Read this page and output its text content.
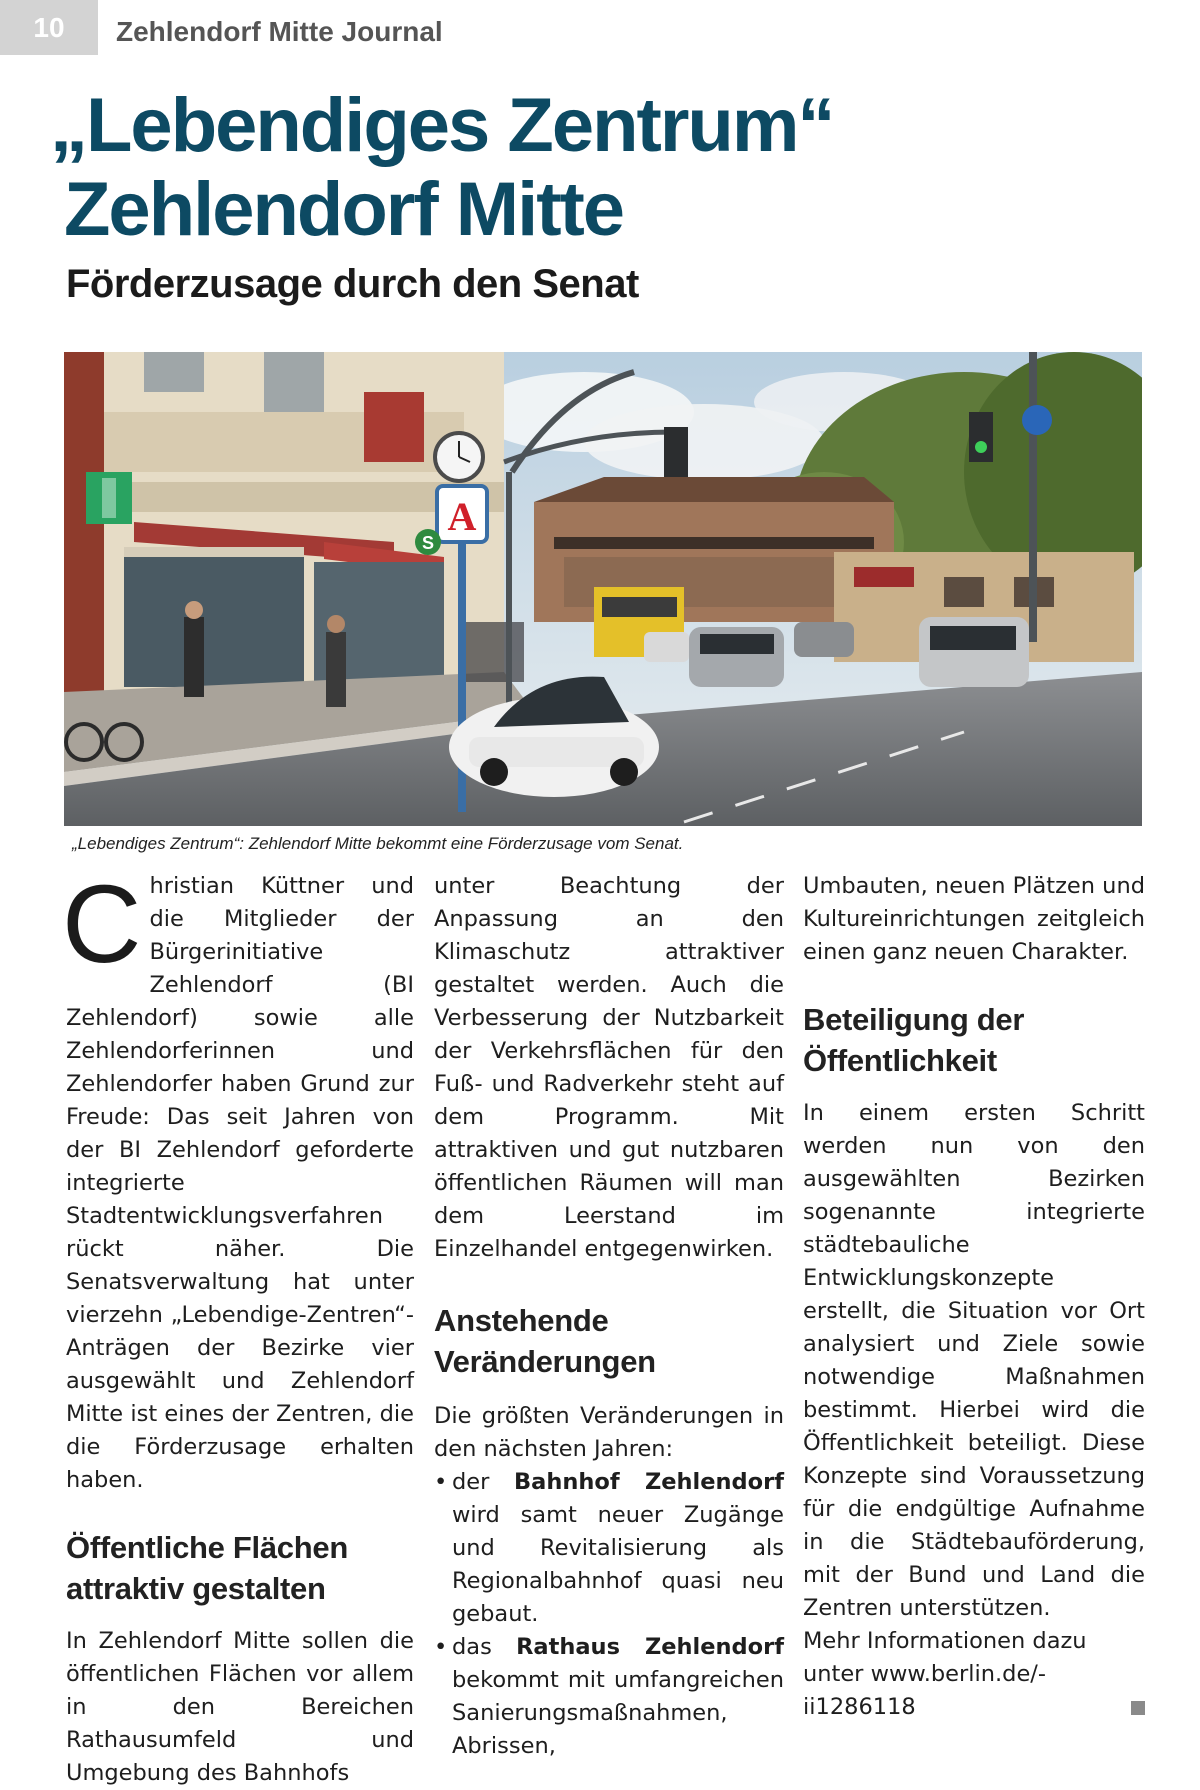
10	Zehlendorf Mitte Journal
„Lebendiges Zentrum“
Zehlendorf Mitte
Förderzusage durch den Senat
A
S
„Lebendiges Zentrum“: Zehlendorf Mitte bekommt eine Förderzusage vom Senat.

Christian Küttner und die Mitglieder der Bürgerinitiative Zehlendorf (BI Zehlendorf) sowie alle Zehlendorferinnen und Zehlendorfer haben Grund zur Freude: Das seit Jahren von der BI Zehlendorf geforderte integrierte Stadtentwicklungsverfahren rückt näher. Die Senatsverwaltung hat unter vierzehn „Lebendige-Zentren“-Anträgen der Bezirke vier ausgewählt und Zehlendorf Mitte ist eines der Zentren, die die Förderzusage erhalten haben.

Öffentliche Flächen attraktiv gestalten

In Zehlendorf Mitte sollen die öffentlichen Flächen vor allem in den Bereichen Rathausumfeld und Umgebung des Bahnhofs

unter Beachtung der Anpassung an den Klimaschutz attraktiver gestaltet werden. Auch die Verbesserung der Nutzbarkeit der Verkehrsflächen für den Fuß- und Radverkehr steht auf dem Programm. Mit attraktiven und gut nutzbaren öffentlichen Räumen will man dem Leerstand im Einzelhandel entgegenwirken.

Anstehende Veränderungen

Die größten Veränderungen in den nächsten Jahren:

• der Bahnhof Zehlendorf wird samt neuer Zugänge und Revitalisierung als Regionalbahnhof quasi neu gebaut.
• das Rathaus Zehlendorf bekommt mit umfangreichen Sanierungsmaßnahmen, Abrissen,

Umbauten, neuen Plätzen und Kultureinrichtungen zeitgleich einen ganz neuen Charakter.

Beteiligung der Öffentlichkeit

In einem ersten Schritt werden nun von den ausgewählten Bezirken sogenannte integrierte städtebauliche Entwicklungskonzepte erstellt, die Situation vor Ort analysiert und Ziele sowie notwendige Maßnahmen bestimmt. Hierbei wird die Öffentlichkeit beteiligt. Diese Konzepte sind Voraussetzung für die endgültige Aufnahme in die Städtebauförderung, mit der Bund und Land die Zentren unterstützen.

Mehr Informationen dazu unter www.berlin.de/-ii1286118
